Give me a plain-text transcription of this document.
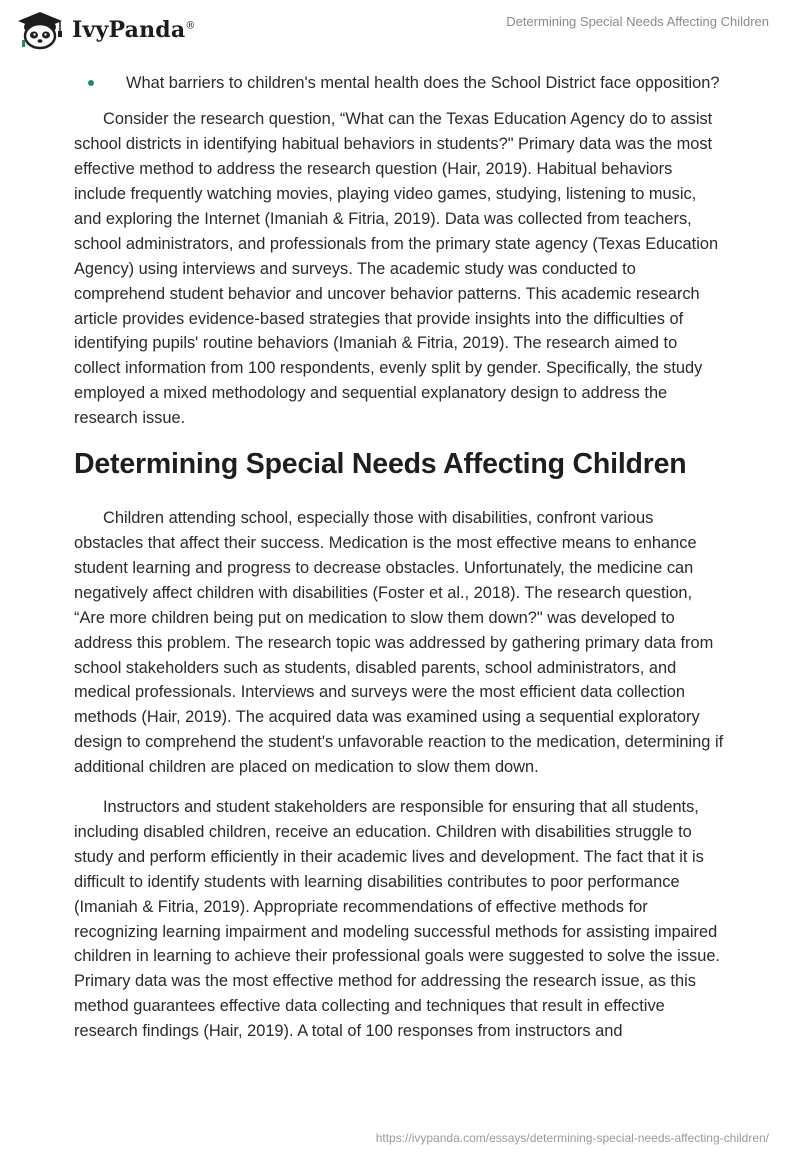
IvyPanda®	Determining Special Needs Affecting Children
What barriers to children's mental health does the School District face opposition?

Consider the research question, “What can the Texas Education Agency do to assist school districts in identifying habitual behaviors in students?" Primary data was the most effective method to address the research question (Hair, 2019). Habitual behaviors include frequently watching movies, playing video games, studying, listening to music, and exploring the Internet (Imaniah & Fitria, 2019). Data was collected from teachers, school administrators, and professionals from the primary state agency (Texas Education Agency) using interviews and surveys. The academic study was conducted to comprehend student behavior and uncover behavior patterns. This academic research article provides evidence-based strategies that provide insights into the difficulties of identifying pupils' routine behaviors (Imaniah & Fitria, 2019). The research aimed to collect information from 100 respondents, evenly split by gender. Specifically, the study employed a mixed methodology and sequential explanatory design to address the research issue.

Determining Special Needs Affecting Children

Children attending school, especially those with disabilities, confront various obstacles that affect their success. Medication is the most effective means to enhance student learning and progress to decrease obstacles. Unfortunately, the medicine can negatively affect children with disabilities (Foster et al., 2018). The research question, “Are more children being put on medication to slow them down?" was developed to address this problem. The research topic was addressed by gathering primary data from school stakeholders such as students, disabled parents, school administrators, and medical professionals. Interviews and surveys were the most efficient data collection methods (Hair, 2019). The acquired data was examined using a sequential exploratory design to comprehend the student's unfavorable reaction to the medication, determining if additional children are placed on medication to slow them down.

Instructors and student stakeholders are responsible for ensuring that all students, including disabled children, receive an education. Children with disabilities struggle to study and perform efficiently in their academic lives and development. The fact that it is difficult to identify students with learning disabilities contributes to poor performance (Imaniah & Fitria, 2019). Appropriate recommendations of effective methods for recognizing learning impairment and modeling successful methods for assisting impaired children in learning to achieve their professional goals were suggested to solve the issue. Primary data was the most effective method for addressing the research issue, as this method guarantees effective data collecting and techniques that result in effective research findings (Hair, 2019). A total of 100 responses from instructors and

https://ivypanda.com/essays/determining-special-needs-affecting-children/
